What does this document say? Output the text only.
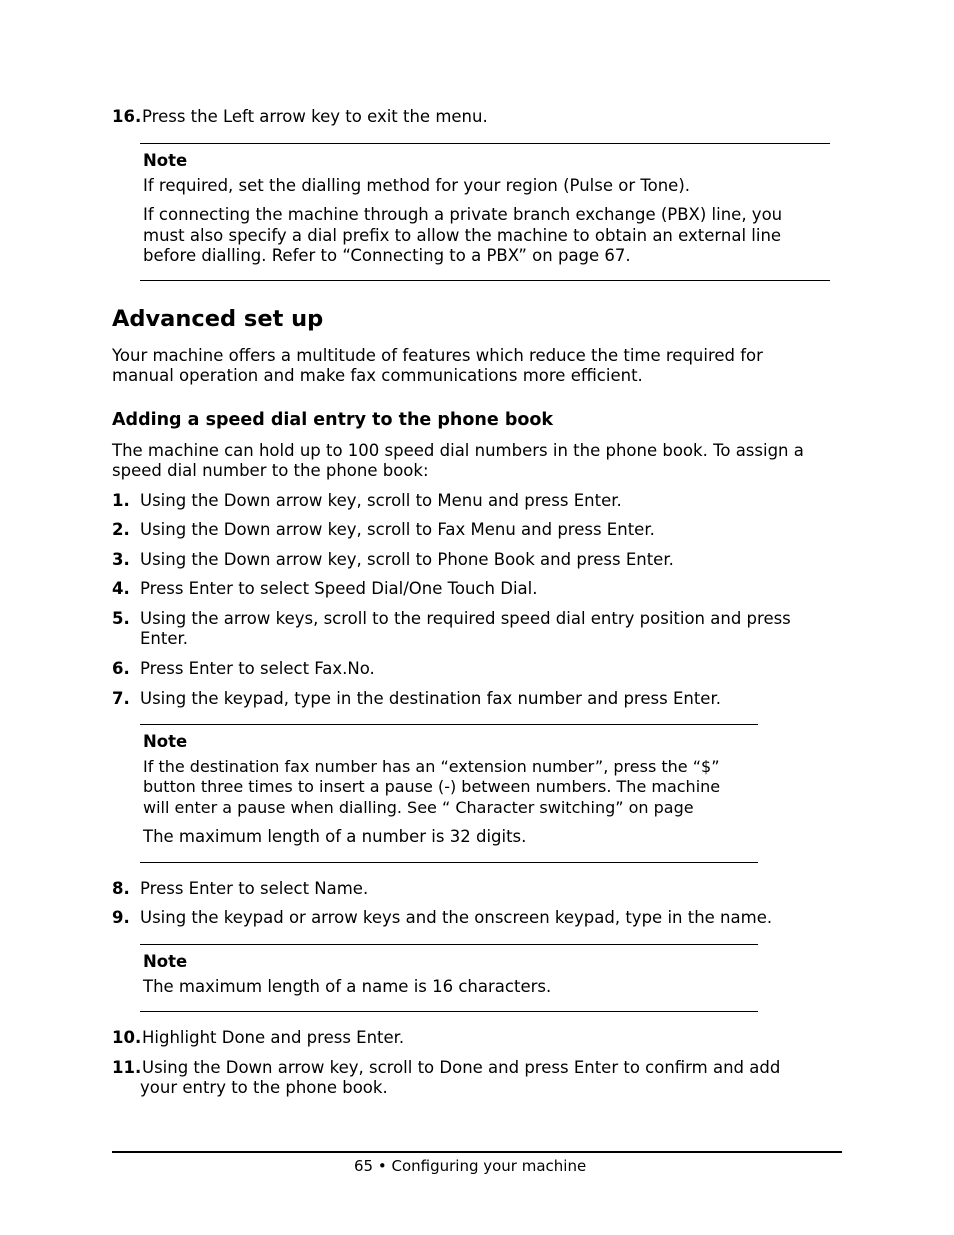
16. Press the Left arrow key to exit the menu.
Note
If required, set the dialling method for your region (Pulse or Tone).
If connecting the machine through a private branch exchange (PBX) line, you
must also specify a dial prefix to allow the machine to obtain an external line
before dialling. Refer to “Connecting to a PBX” on page 67.
Advanced set up
Your machine offers a multitude of features which reduce the time required for
manual operation and make fax communications more efficient.
Adding a speed dial entry to the phone book
The machine can hold up to 100 speed dial numbers in the phone book. To assign a
speed dial number to the phone book:
1. Using the Down arrow key, scroll to Menu and press Enter.
2. Using the Down arrow key, scroll to Fax Menu and press Enter.
3. Using the Down arrow key, scroll to Phone Book and press Enter.
4. Press Enter to select Speed Dial/One Touch Dial.
5. Using the arrow keys, scroll to the required speed dial entry position and press
Enter.
6. Press Enter to select Fax.No.
7. Using the keypad, type in the destination fax number and press Enter.
Note
If the destination fax number has an “extension number”, press the “$”
button three times to insert a pause (-) between numbers. The machine
will enter a pause when dialling. See “ Character switching” on page
The maximum length of a number is 32 digits.
8. Press Enter to select Name.
9. Using the keypad or arrow keys and the onscreen keypad, type in the name.
Note
The maximum length of a name is 16 characters.
10. Highlight Done and press Enter.
11. Using the Down arrow key, scroll to Done and press Enter to confirm and add
your entry to the phone book.
65 • Configuring your machine
